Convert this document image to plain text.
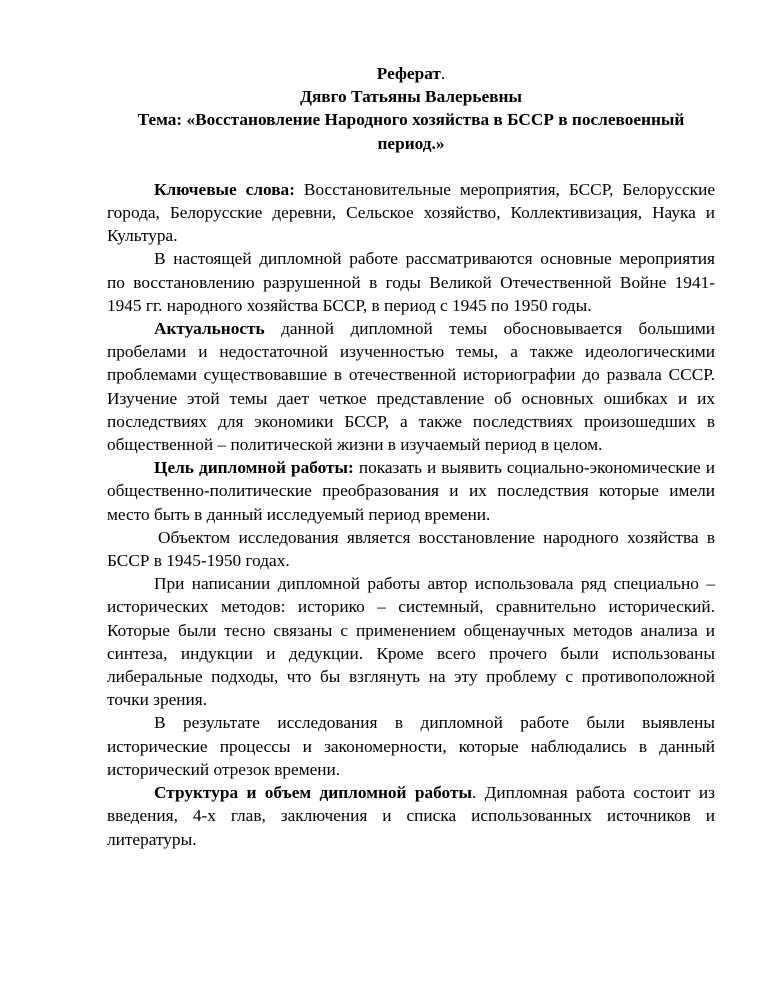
Реферат.
Дявго Татьяны Валерьевны
Тема: «Восстановление Народного хозяйства в БССР в послевоенный период.»

Ключевые слова: Восстановительные мероприятия, БССР, Белорусские города, Белорусские деревни, Сельское хозяйство, Коллективизация, Наука и Культура.

В настоящей дипломной работе рассматриваются основные мероприятия по восстановлению разрушенной в годы Великой Отечественной Войне 1941-1945 гг. народного хозяйства БССР, в период с 1945 по 1950 годы.

Актуальность данной дипломной темы обосновывается большими пробелами и недостаточной изученностью темы, а также идеологическими проблемами существовавшие в отечественной историографии до развала СССР. Изучение этой темы дает четкое представление об основных ошибках и их последствиях для экономики БССР, а также последствиях произошедших в общественной – политической жизни в изучаемый период в целом.

Цель дипломной работы: показать и выявить социально-экономические и общественно-политические преобразования и их последствия которые имели место быть в данный исследуемый период времени.

Объектом исследования является восстановление народного хозяйства в БССР в 1945-1950 годах.

При написании дипломной работы автор использовала ряд специально – исторических методов: историко – системный, сравнительно исторический. Которые были тесно связаны с применением общенаучных методов анализа и синтеза, индукции и дедукции. Кроме всего прочего были использованы либеральные подходы, что бы взглянуть на эту проблему с противоположной точки зрения.

В результате исследования в дипломной работе были выявлены исторические процессы и закономерности, которые наблюдались в данный исторический отрезок времени.

Структура и объем дипломной работы. Дипломная работа состоит из введения, 4-х глав, заключения и списка использованных источников и литературы.
